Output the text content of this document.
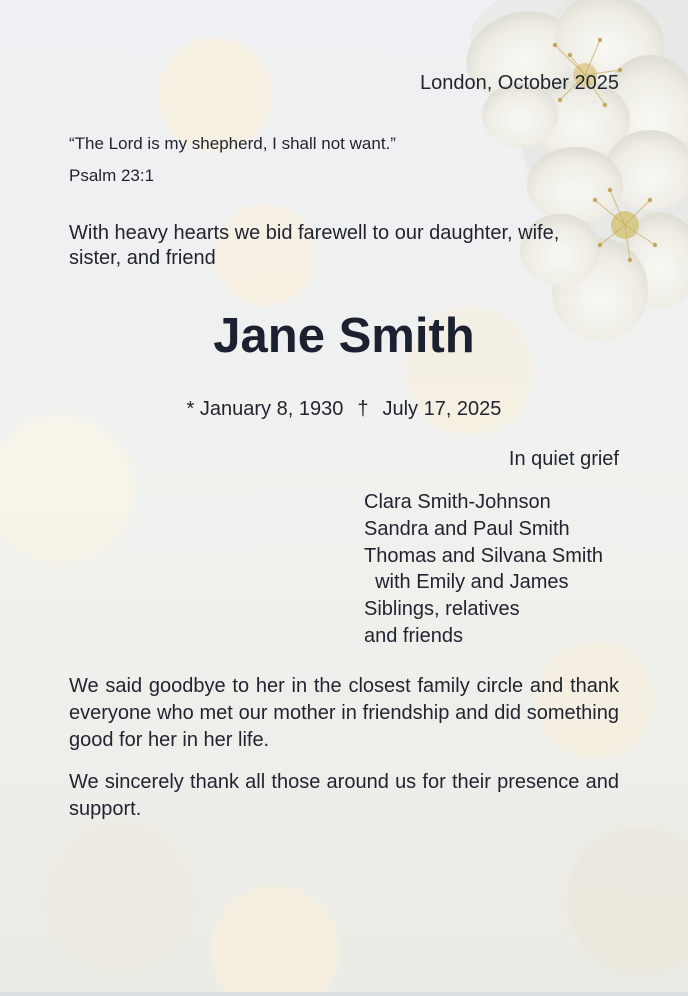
London, October 2025

“The Lord is my shepherd, I shall not want.”

Psalm 23:1

With heavy hearts we bid farewell to our daughter, wife, sister, and friend

Jane Smith

* January 8, 1930 † July 17, 2025

In quiet grief

Clara Smith-Johnson
Sandra and Paul Smith
Thomas and Silvana Smith
with Emily and James
Siblings, relatives
and friends

We said goodbye to her in the closest family circle and thank everyone who met our mother in friendship and did something good for her in her life.

We sincerely thank all those around us for their presence and support.
